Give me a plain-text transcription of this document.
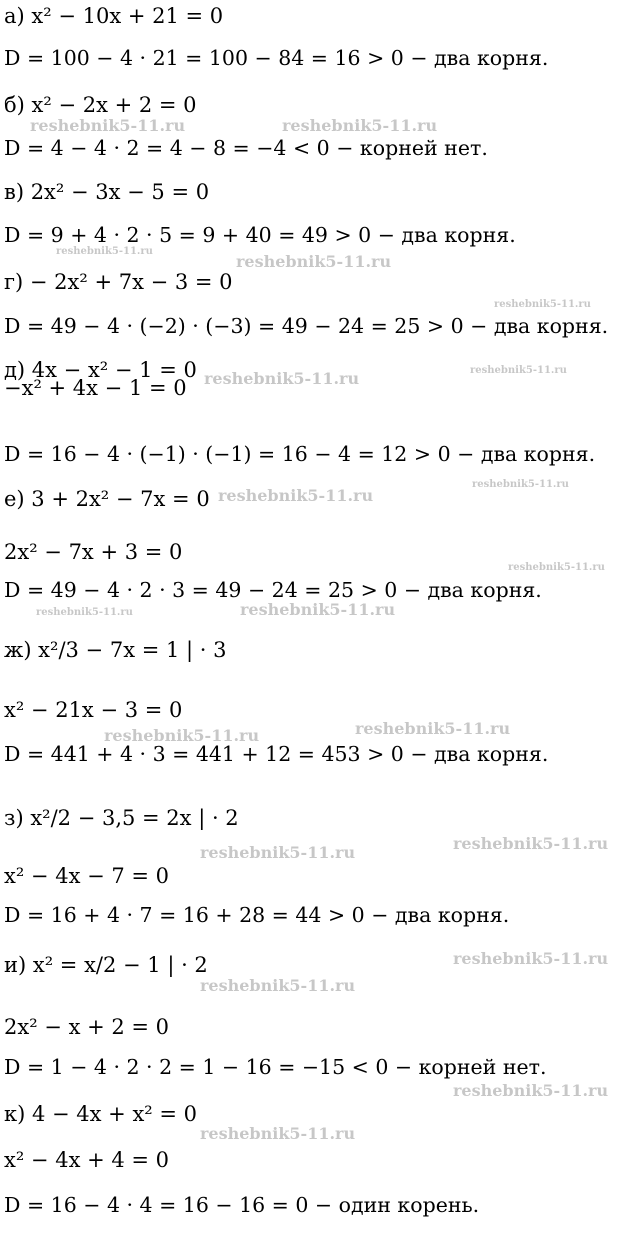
а) x² − 10x + 21 = 0
D = 100 − 4 · 21 = 100 − 84 = 16 > 0 − два корня.
б) x² − 2x + 2 = 0
D = 4 − 4 · 2 = 4 − 8 = −4 < 0 − корней нет.
в) 2x² − 3x − 5 = 0
D = 9 + 4 · 2 · 5 = 9 + 40 = 49 > 0 − два корня.
г) − 2x² + 7x − 3 = 0
D = 49 − 4 · (−2) · (−3) = 49 − 24 = 25 > 0 − два корня.
д) 4x − x² − 1 = 0
−x² + 4x − 1 = 0
D = 16 − 4 · (−1) · (−1) = 16 − 4 = 12 > 0 − два корня.
е) 3 + 2x² − 7x = 0
2x² − 7x + 3 = 0
D = 49 − 4 · 2 · 3 = 49 − 24 = 25 > 0 − два корня.
ж) x²/3 − 7x = 1 | · 3
x² − 21x − 3 = 0
D = 441 + 4 · 3 = 441 + 12 = 453 > 0 − два корня.
з) x²/2 − 3,5 = 2x | · 2
x² − 4x − 7 = 0
D = 16 + 4 · 7 = 16 + 28 = 44 > 0 − два корня.
и) x² = x/2 − 1 | · 2
2x² − x + 2 = 0
D = 1 − 4 · 2 · 2 = 1 − 16 = −15 < 0 − корней нет.
к) 4 − 4x + x² = 0
x² − 4x + 4 = 0
D = 16 − 4 · 4 = 16 − 16 = 0 − один корень.
reshebnik5-11.ru	reshebnik5-11.ru
reshebnik5-11.ru
reshebnik5-11.ru
reshebnik5-11.ru
reshebnik5-11.ru	reshebnik5-11.ru
reshebnik5-11.ru
reshebnik5-11.ru
reshebnik5-11.ru
reshebnik5-11.ru	reshebnik5-11.ru
reshebnik5-11.ru
reshebnik5-11.ru
reshebnik5-11.ru
reshebnik5-11.ru
reshebnik5-11.ru
reshebnik5-11.ru
reshebnik5-11.ru
reshebnik5-11.ru
